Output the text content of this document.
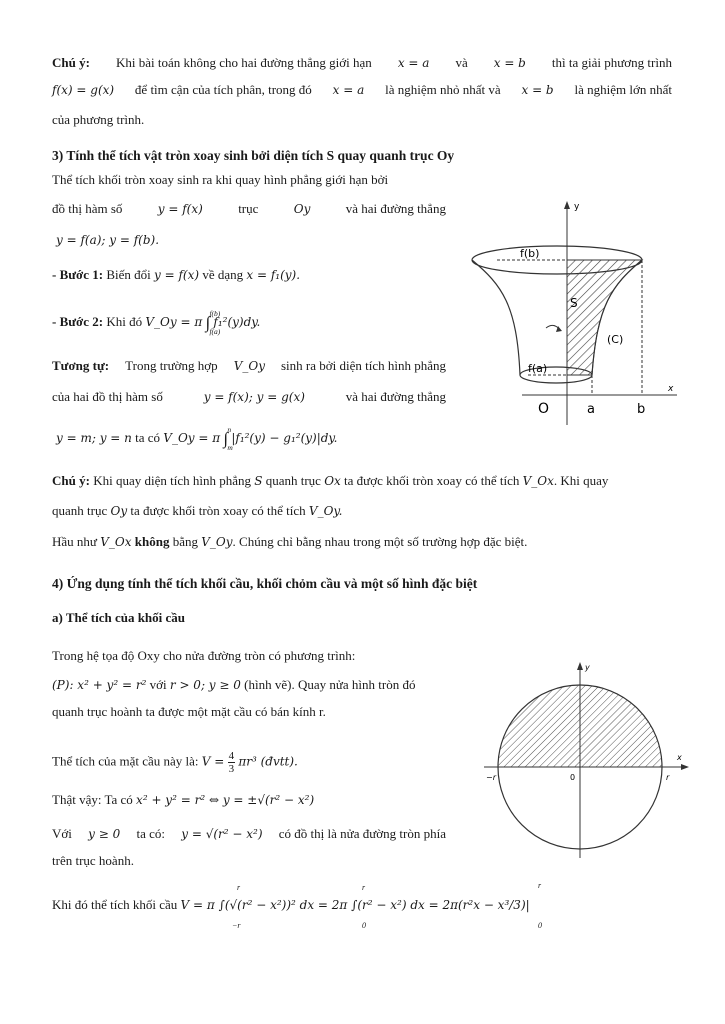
Chú ý: Khi bài toán không cho hai đường thẳng giới hạn x = a và x = b thì ta giải phương trình
f(x) = g(x) để tìm cận của tích phân, trong đó x = a là nghiệm nhỏ nhất và x = b là nghiệm lớn nhất
của phương trình.
3) Tính thể tích vật tròn xoay sinh bởi diện tích S quay quanh trục Oy
Thể tích khối tròn xoay sinh ra khi quay hình phẳng giới hạn bởi
đồ thị hàm số	y = f(x)	trục	Oy	và hai đường thẳng
y = f(a); y = f(b).
- Bước 1: Biến đổi y = f(x) về dạng x = f₁(y).
- Bước 2: Khi đó V_Oy = π ∫ f(b)
f(a)
f₁²(y)dy.
Tương tự: Trong trường hợp V_Oy sinh ra bởi diện tích hình phẳng
của hai đồ thị hàm số	y = f(x); y = g(x)	và hai đường thẳng
y = m; y = n ta có V_Oy = π ∫ n
m
|f₁²(y) − g₁²(y)|dy.
y
x
f(b)
f(a)
S
(C)
O	a	b
Chú ý: Khi quay diện tích hình phẳng S quanh trục Ox ta được khối tròn xoay có thể tích V_Ox. Khi quay
quanh trục Oy ta được khối tròn xoay có thể tích V_Oy.
Hầu như V_Ox không bằng V_Oy. Chúng chỉ bằng nhau trong một số trường hợp đặc biệt.
4) Ứng dụng tính thể tích khối cầu, khối chỏm cầu và một số hình đặc biệt
a) Thể tích của khối cầu
Trong hệ tọa độ Oxy cho nửa đường tròn có phương trình:
(P): x² + y² = r² với r > 0; y ≥ 0 (hình vẽ). Quay nửa hình tròn đó
quanh trục hoành ta được một mặt cầu có bán kính r.
Thể tích của mặt cầu này là: $V = \frac{4}{3} \pi r^3$ (đvtt).
Thật vậy: Ta có x² + y² = r² ⇔ y = ±√(r² − x²)
Với y ≥ 0 ta có: y = √(r² − x²) có đồ thị là nửa đường tròn phía
trên trục hoành.
Khi đó thể tích khối cầu V = π ∫(√(r² − x²))² dx = 2π ∫(r² − x²) dx = 2π(r²x − x³/3)|
r
−r
r
0
r
0
y
x
−r	0	r
